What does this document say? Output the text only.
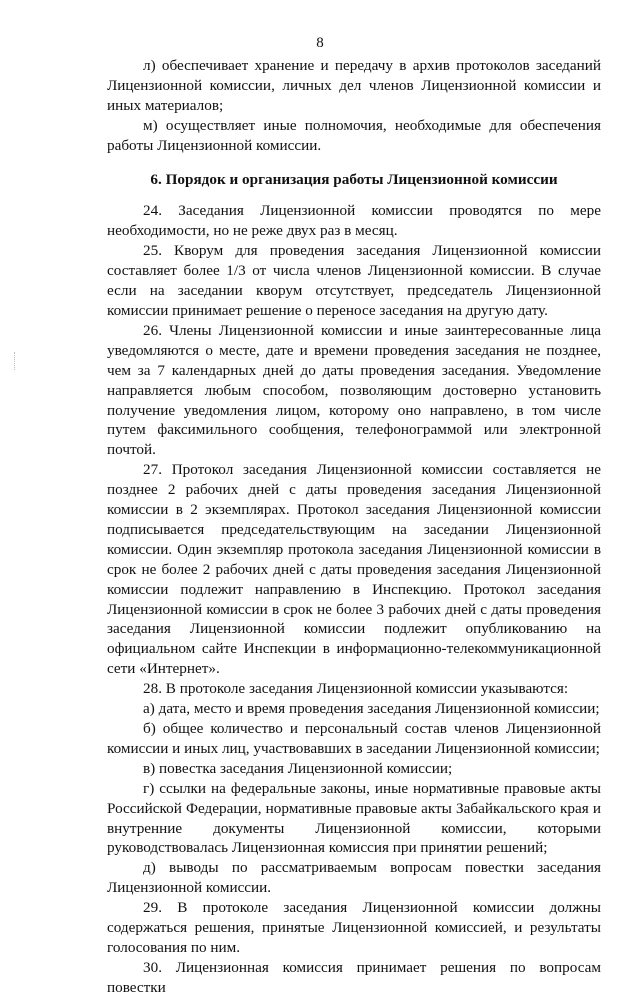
8

л) обеспечивает хранение и передачу в архив протоколов заседаний Лицензионной комиссии, личных дел членов Лицензионной комиссии и иных материалов;

м) осуществляет иные полномочия, необходимые для обеспечения работы Лицензионной комиссии.

6. Порядок и организация работы Лицензионной комиссии

24. Заседания Лицензионной комиссии проводятся по мере необходимости, но не реже двух раз в месяц.

25. Кворум для проведения заседания Лицензионной комиссии составляет более 1/3 от числа членов Лицензионной комиссии. В случае если на заседании кворум отсутствует, председатель Лицензионной комиссии принимает решение о переносе заседания на другую дату.

26. Члены Лицензионной комиссии и иные заинтересованные лица уведомляются о месте, дате и времени проведения заседания не позднее, чем за 7 календарных дней до даты проведения заседания. Уведомление направляется любым способом, позволяющим достоверно установить получение уведомления лицом, которому оно направлено, в том числе путем факсимильного сообщения, телефонограммой или электронной почтой.

27. Протокол заседания Лицензионной комиссии составляется не позднее 2 рабочих дней с даты проведения заседания Лицензионной комиссии в 2 экземплярах. Протокол заседания Лицензионной комиссии подписывается председательствующим на заседании Лицензионной комиссии. Один экземпляр протокола заседания Лицензионной комиссии в срок не более 2 рабочих дней с даты проведения заседания Лицензионной комиссии подлежит направлению в Инспекцию. Протокол заседания Лицензионной комиссии в срок не более 3 рабочих дней с даты проведения заседания Лицензионной комиссии подлежит опубликованию на официальном сайте Инспекции в информационно-телекоммуникационной сети «Интернет».

28. В протоколе заседания Лицензионной комиссии указываются:

а) дата, место и время проведения заседания Лицензионной комиссии;

б) общее количество и персональный состав членов Лицензионной комиссии и иных лиц, участвовавших в заседании Лицензионной комиссии;

в) повестка заседания Лицензионной комиссии;

г) ссылки на федеральные законы, иные нормативные правовые акты Российской Федерации, нормативные правовые акты Забайкальского края и внутренние документы Лицензионной комиссии, которыми руководствовалась Лицензионная комиссия при принятии решений;

д) выводы по рассматриваемым вопросам повестки заседания Лицензионной комиссии.

29. В протоколе заседания Лицензионной комиссии должны содержаться решения, принятые Лицензионной комиссией, и результаты голосования по ним.

30. Лицензионная комиссия принимает решения по вопросам повестки
